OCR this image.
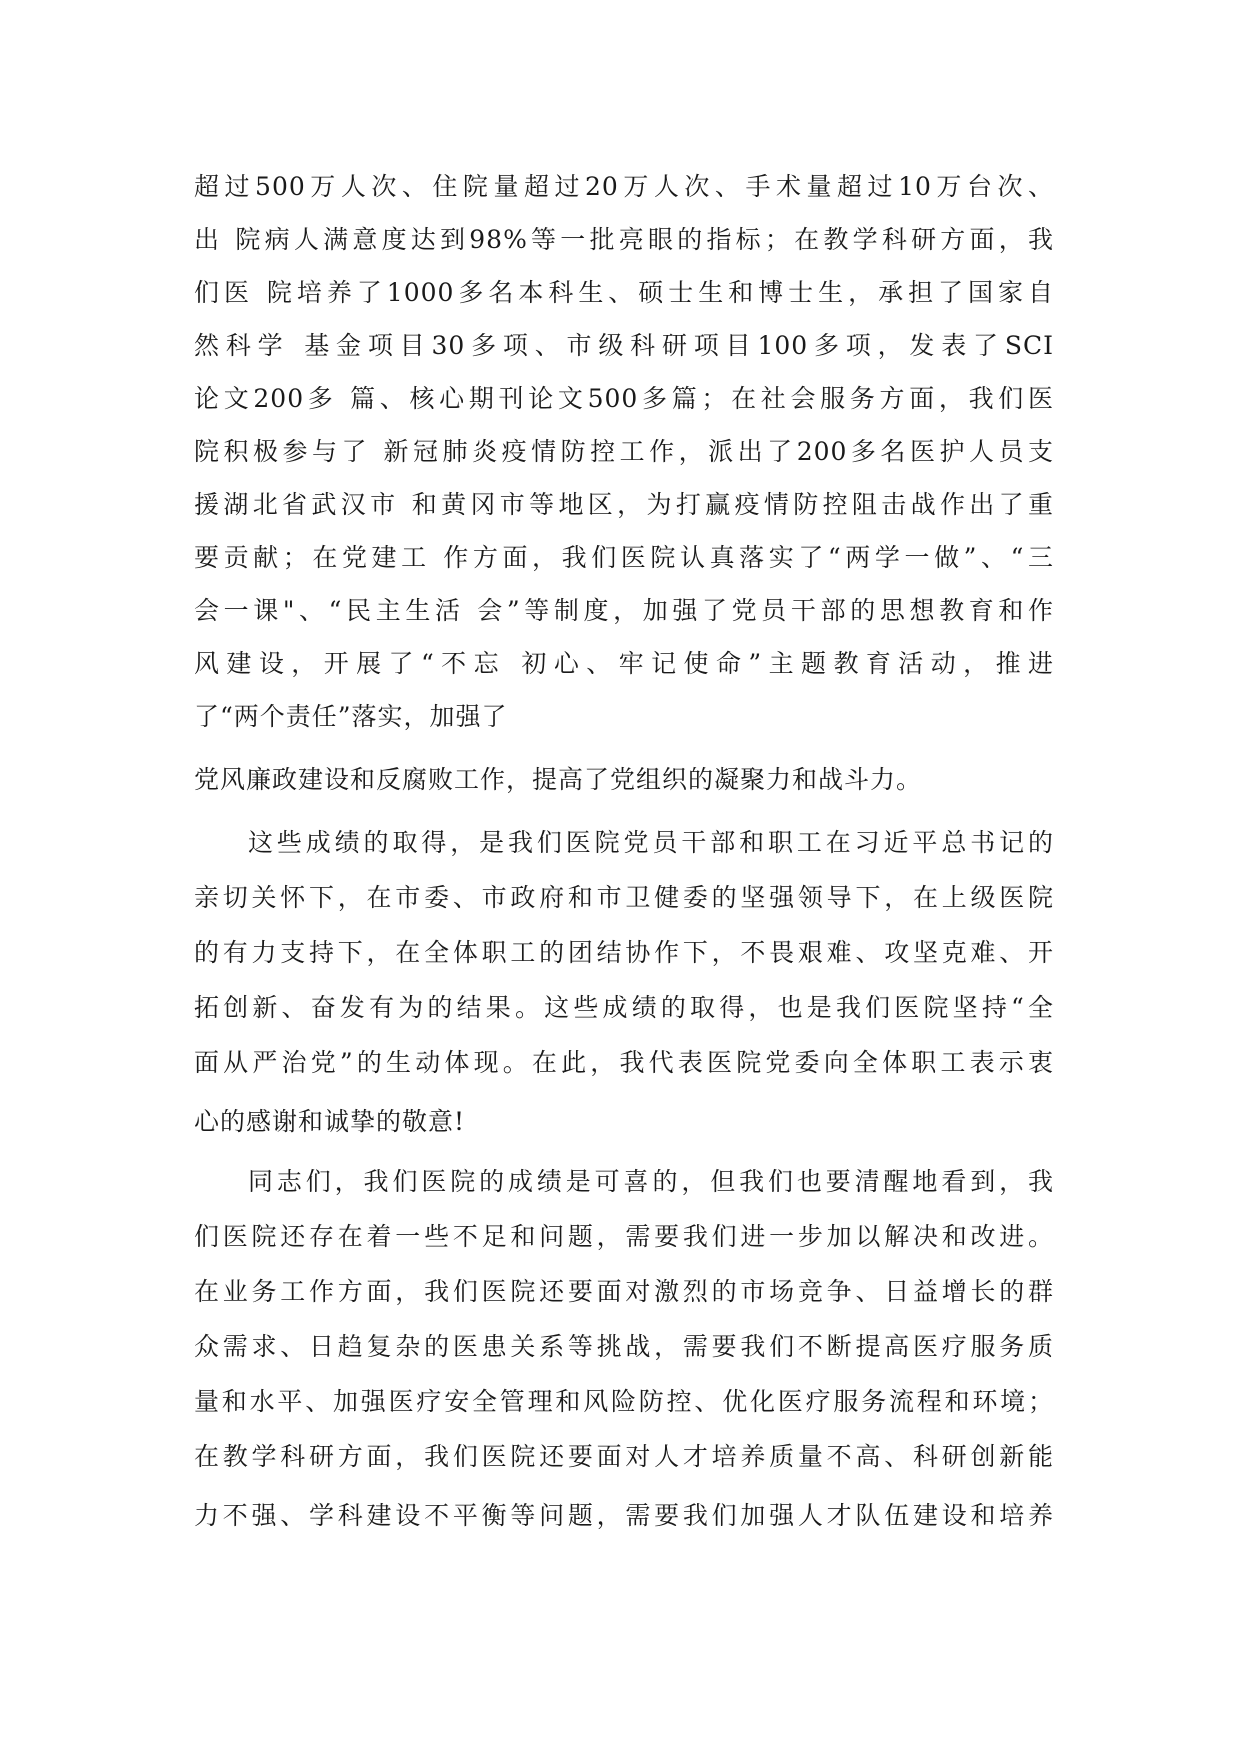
超过500万人次、住院量超过20万人次、手术量超过10万台次、
出 院病人满意度达到98%等一批亮眼的指标；在教学科研方面，我
们医 院培养了1000多名本科生、硕士生和博士生，承担了国家自
然科学 基金项目30多项、市级科研项目100多项，发表了SCI
论文200多 篇、核心期刊论文500多篇；在社会服务方面，我们医
院积极参与了 新冠肺炎疫情防控工作，派出了200多名医护人员支
援湖北省武汉市 和黄冈市等地区，为打赢疫情防控阻击战作出了重
要贡献；在党建工 作方面，我们医院认真落实了“两学一做”、“三
会一课"、“民主生活 会”等制度，加强了党员干部的思想教育和作
风建设，开展了“不忘 初心、牢记使命”主题教育活动，推进
了“两个责任”落实，加强了
党风廉政建设和反腐败工作，提高了党组织的凝聚力和战斗力。
这些成绩的取得，是我们医院党员干部和职工在习近平总书记的
亲切关怀下，在市委、市政府和市卫健委的坚强领导下，在上级医院
的有力支持下，在全体职工的团结协作下，不畏艰难、攻坚克难、开
拓创新、奋发有为的结果。这些成绩的取得，也是我们医院坚持“全
面从严治党”的生动体现。在此，我代表医院党委向全体职工表示衷
心的感谢和诚挚的敬意!
同志们，我们医院的成绩是可喜的，但我们也要清醒地看到，我
们医院还存在着一些不足和问题，需要我们进一步加以解决和改进。
在业务工作方面，我们医院还要面对激烈的市场竞争、日益增长的群
众需求、日趋复杂的医患关系等挑战，需要我们不断提高医疗服务质
量和水平、加强医疗安全管理和风险防控、优化医疗服务流程和环境；
在教学科研方面，我们医院还要面对人才培养质量不高、科研创新能
力不强、学科建设不平衡等问题，需要我们加强人才队伍建设和培养
